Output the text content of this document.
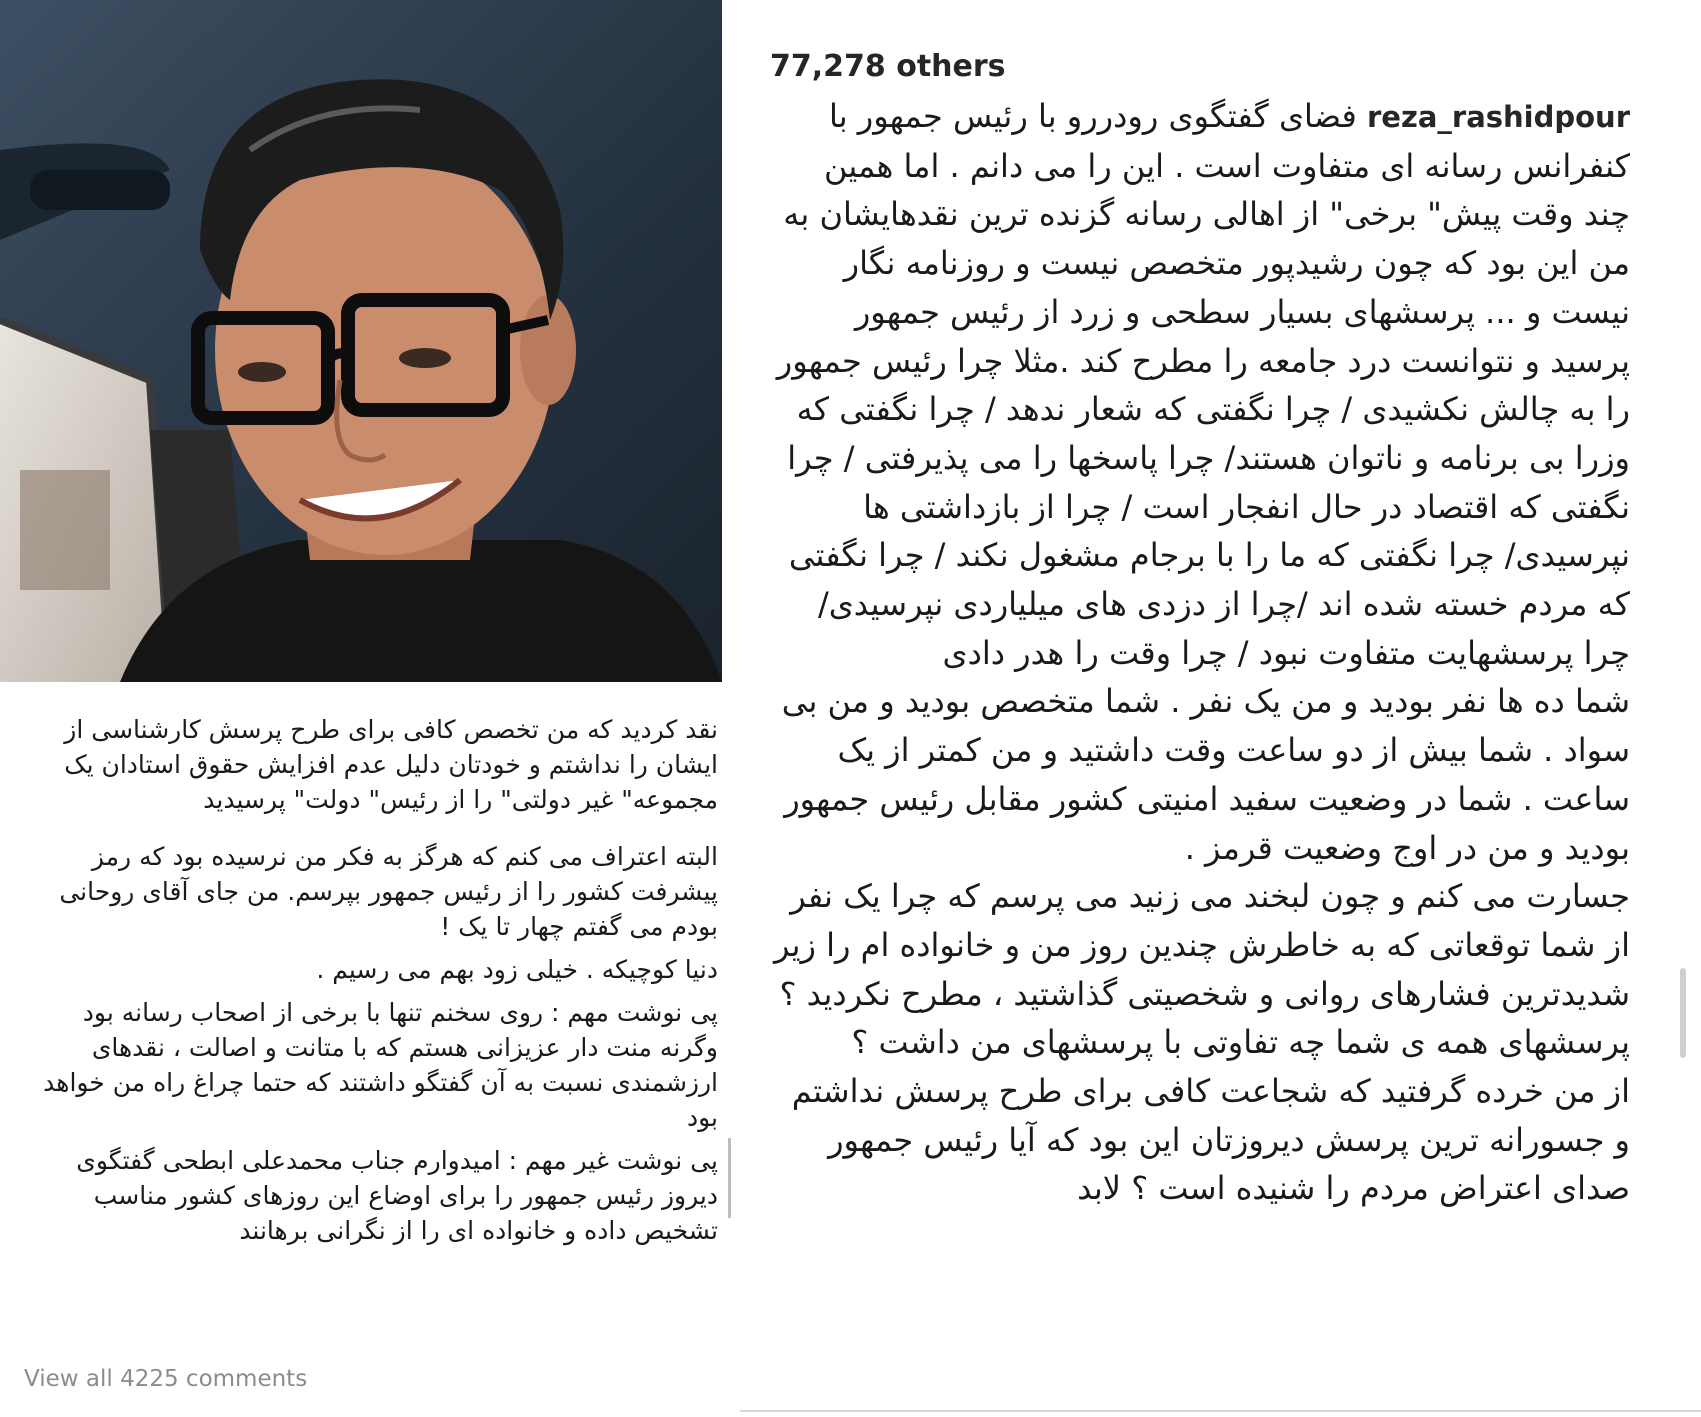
نقد کردید که من تخصص کافی برای طرح پرسش کارشناسی از ایشان را نداشتم و خودتان دلیل عدم افزایش حقوق استادان یک مجموعه" غیر دولتی" را از رئیس" دولت" پرسیدید

البته اعتراف می کنم که هرگز به فکر من نرسیده بود که رمز پیشرفت کشور را از رئیس جمهور بپرسم. من جای آقای روحانی بودم می گفتم چهار تا یک !

دنیا کوچیکه . خیلی زود بهم می رسیم .

پی نوشت مهم : روی سخنم تنها با برخی از اصحاب رسانه بود وگرنه منت دار عزیزانی هستم که با متانت و اصالت ، نقدهای ارزشمندی نسبت به آن گفتگو داشتند که حتما چراغ راه من خواهد بود

پی نوشت غیر مهم : امیدوارم جناب محمدعلی ابطحی گفتگوی دیروز رئیس جمهور را برای اوضاع این روزهای کشور مناسب تشخیص داده و خانواده ای را از نگرانی برهانند

View all 4225 comments
77,278 others

reza_rashidpour فضای گفتگوی رودررو با رئیس جمهور با کنفرانس رسانه ای متفاوت است . این را می دانم . اما همین چند وقت پیش" برخی" از اهالی رسانه گزنده ترین نقدهایشان به من این بود که چون رشیدپور متخصص نیست و روزنامه نگار نیست و ... پرسشهای بسیار سطحی و زرد از رئیس جمهور پرسید و نتوانست درد جامعه را مطرح کند .مثلا چرا رئیس جمهور را به چالش نکشیدی / چرا نگفتی که شعار ندهد / چرا نگفتی که وزرا بی برنامه و ناتوان هستند/ چرا پاسخها را می پذیرفتی / چرا نگفتی که اقتصاد در حال انفجار است / چرا از بازداشتی ها نپرسیدی/ چرا نگفتی که ما را با برجام مشغول نکند / چرا نگفتی که مردم خسته شده اند /چرا از دزدی های میلیاردی نپرسیدی/ چرا پرسشهایت متفاوت نبود / چرا وقت را هدر دادی

شما ده ها نفر بودید و من یک نفر . شما متخصص بودید و من بی سواد . شما بیش از دو ساعت وقت داشتید و من کمتر از یک ساعت . شما در وضعیت سفید امنیتی کشور مقابل رئیس جمهور بودید و من در اوج وضعیت قرمز .

جسارت می کنم و چون لبخند می زنید می پرسم که چرا یک نفر از شما توقعاتی که به خاطرش چندین روز من و خانواده ام را زیر شدیدترین فشارهای روانی و شخصیتی گذاشتید ، مطرح نکردید ؟ پرسشهای همه ی شما چه تفاوتی با پرسشهای من داشت ؟

از من خرده گرفتید که شجاعت کافی برای طرح پرسش نداشتم و جسورانه ترین پرسش دیروزتان این بود که آیا رئیس جمهور صدای اعتراض مردم را شنیده است ؟ لابد
